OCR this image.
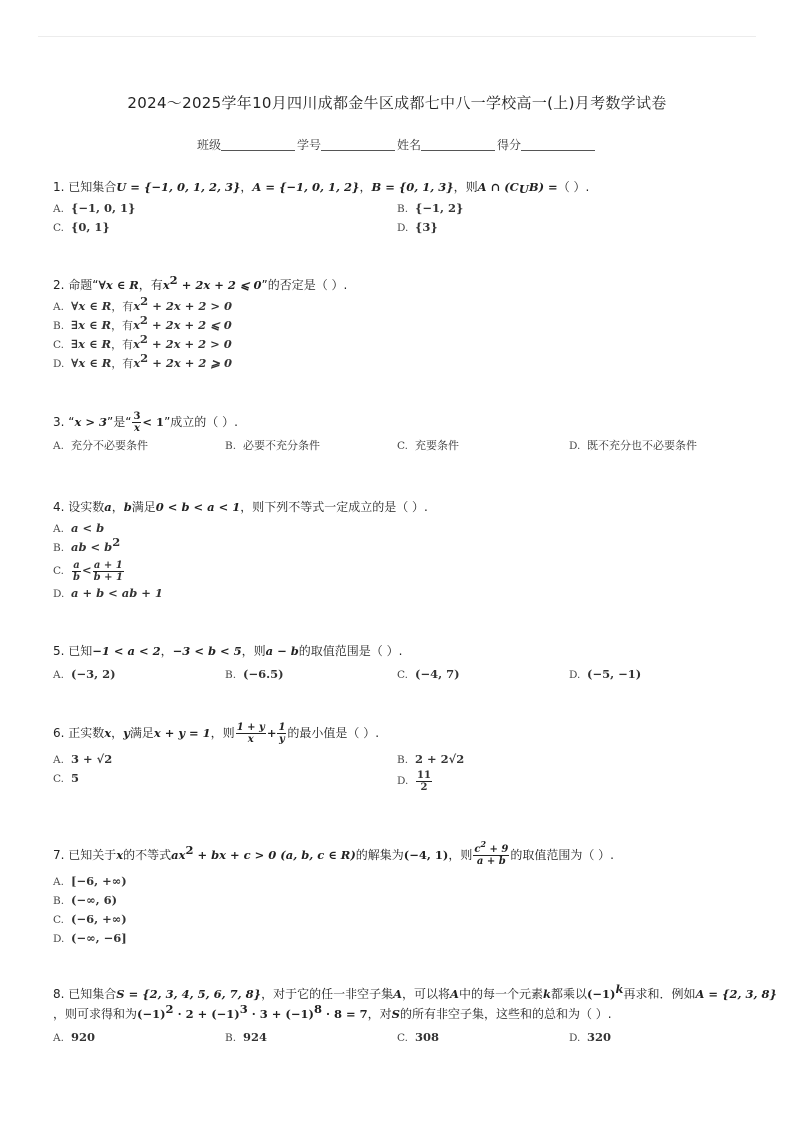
2024～2025学年10月四川成都金牛区成都七中八一学校高一(上)月考数学试卷
班级	学号	姓名	得分
1. 已知集合U = {−1, 0, 1, 2, 3}，A = {−1, 0, 1, 2}，B = {0, 1, 3}，则A ∩ $(C_UB)$ =（ ）.
A. {−1, 0, 1}	B. {−1, 2}
C. {0, 1}	D. {3}
2. 命题“∀x ∈ R，有$x^2 + 2x + 2$ ⩽ 0”的否定是（ ）.
A. ∀x ∈ R，有$x^2 + 2x + 2 > 0$
B. ∃x ∈ R，有$x^2 + 2x + 2$ ⩽ 0
C. ∃x ∈ R，有$x^2 + 2x + 2 > 0$
D. ∀x ∈ R，有$x^2 + 2x + 2$ ⩾ 0
3. “x > 3”是“ $\frac{3}{x} < 1$”成立的（ ）.
A. 充分不必要条件	B. 必要不充分条件	C. 充要条件	D. 既不充分也不必要条件
4. 设实数a，b满足0 < b < a < 1，则下列不等式一定成立的是（ ）.
A. a < b
B. ab < $b^2$
C. $\frac{a}{b} < \frac{a + 1}{b + 1}$
D. a + b < ab + 1
5. 已知−1 < a < 2，−3 < b < 5，则a − b的取值范围是（ ）.
A. (−3, 2)	B. (−6.5)	C. (−4, 7)	D. (−5, −1)
6. 正实数x，y满足x + y = 1，则 $\frac{1 + y}{x} + \frac{1}{y}$ 的最小值是（ ）.
A. 3 + √2	B. 2 + 2√2
C. 5	D. $\frac{11}{2}$
7. 已知关于x的不等式$ax^2$ + bx + c > 0 (a, b, c ∈ R)的解集为(−4, 1)，则 $\frac{c^2 + 9}{a + b}$ 的取值范围为（ ）.
A. [−6, +∞)
B. (−∞, 6)
C. (−6, +∞)
D. (−∞, −6]
8. 已知集合S = {2, 3, 4, 5, 6, 7, 8}，对于它的任一非空子集A，可以将A中的每一个元素k都乘以$(-1)^k$再求和．例如A = {2, 3, 8}
，则可求得和为$(-1)^2 \cdot 2 + (-1)^3 \cdot 3 + (-1)^8 \cdot 8 = 7$，对S的所有非空子集，这些和的总和为（ ）.
A. 920	B. 924	C. 308	D. 320
